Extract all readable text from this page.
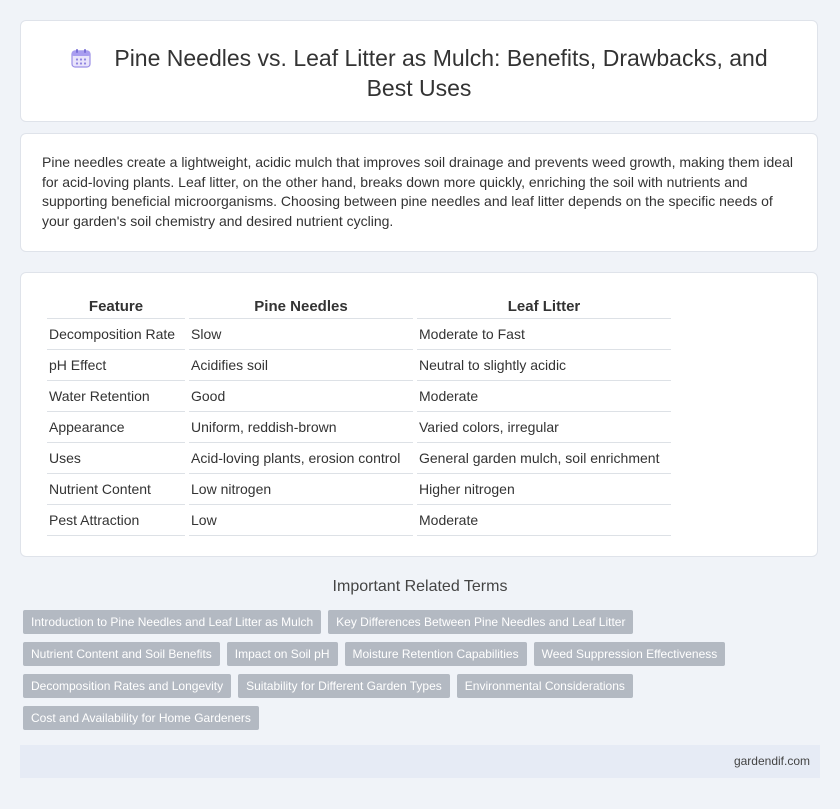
Pine Needles vs. Leaf Litter as Mulch: Benefits, Drawbacks, and Best Uses
Pine needles create a lightweight, acidic mulch that improves soil drainage and prevents weed growth, making them ideal for acid-loving plants. Leaf litter, on the other hand, breaks down more quickly, enriching the soil with nutrients and supporting beneficial microorganisms. Choosing between pine needles and leaf litter depends on the specific needs of your garden's soil chemistry and desired nutrient cycling.
Feature	Pine Needles	Leaf Litter
Decomposition Rate	Slow	Moderate to Fast
pH Effect	Acidifies soil	Neutral to slightly acidic
Water Retention	Good	Moderate
Appearance	Uniform, reddish-brown	Varied colors, irregular
Uses	Acid-loving plants, erosion control	General garden mulch, soil enrichment
Nutrient Content	Low nitrogen	Higher nitrogen
Pest Attraction	Low	Moderate
Important Related Terms
Introduction to Pine Needles and Leaf Litter as Mulch	Key Differences Between Pine Needles and Leaf Litter
Nutrient Content and Soil Benefits	Impact on Soil pH	Moisture Retention Capabilities	Weed Suppression Effectiveness
Decomposition Rates and Longevity	Suitability for Different Garden Types	Environmental Considerations
Cost and Availability for Home Gardeners
gardendif.com
